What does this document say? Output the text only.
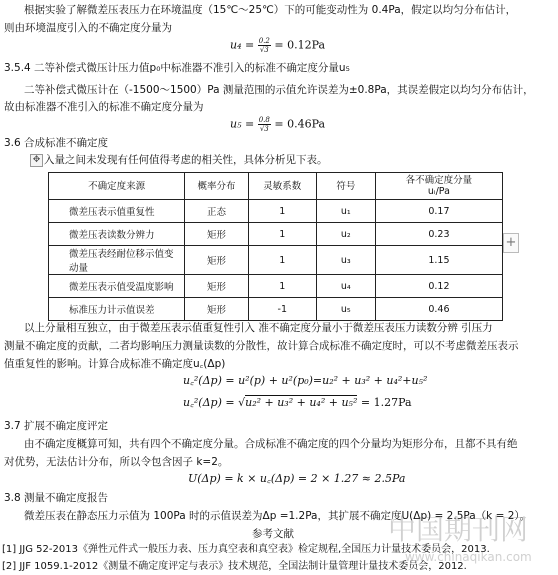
根据实验了解微差压表压力在环境温度（15℃～25℃）下的可能变动性为 0.4Pa，假定以均匀分布估计，
则由环境温度引入的不确定度分量为
$u_4 = \frac{0.2}{√3} = 0.12Pa$
3.5.4 二等补偿式微压计压力值p₀中标准器不准引入的标准不确定度分量u₅
二等补偿式微压计在（-1500～1500）Pa 测量范围的示值允许误差为±0.8Pa，其误差假定以均匀分布估计，
故由标准器不准引入的标准不确定度分量为
$u_5 = \frac{0.8}{√3} = 0.46Pa$
3.6 合成标准不确定度
✥ 入量之间未发现有任何值得考虑的相关性，具体分析见下表。
不确定度来源	概率分布	灵敏系数	符号	各不确定度分量
uᵢ/Pa

微差压表示值重复性	正态	1	u₁	0.17
微差压表读数分辨力	矩形	1	u₂	0.23
微差压表经耐位移示值变动量	矩形	1	u₃	1.15
微差压表示值受温度影响	矩形	1	u₄	0.12
标准压力计示值误差	矩形	-1	u₅	0.46
+
以上分量相互独立，由于微差压表示值重复性引入 准不确定度分量小于微差压表压力读数分辨 引压力
测量不确定度的贡献，二者均影响压力测量读数的分散性，故计算合成标准不确定度时，可以不考虑微差压表示
值重复性的影响。计算合成标准不确定度u꜀(Δp)
u꜀²(Δp) = u²(p) + u²(p₀)=u₂² + u₃² + u₄²+u₅²
u꜀²(Δp) = √u₂² + u₃² + u₄² + u₅² = 1.27Pa
3.7 扩展不确定度评定
由不确定度概算可知，共有四个不确定度分量。合成标准不确定度的四个分量均为矩形分布，且都不具有绝
对优势，无法估计分布，所以令包含因子 k=2。
U(Δp) = k × u꜀(Δp) = 2 × 1.27 ≈ 2.5Pa
3.8 测量不确定度报告
微差压表在静态压力示值为 100Pa 时的示值误差为Δp =1.2Pa，其扩展不确定度U(Δp) = 2.5Pa（k = 2）。
参考文献
[1] JJG 52-2013《弹性元件式一般压力表、压力真空表和真空表》检定规程,全国压力计量技术委员会，2013.
[2] JJF 1059.1-2012《测量不确定度评定与表示》技术规范，全国法制计量管理计量技术委员会，2012.
中国期刊网
www.chinaqikan.com
